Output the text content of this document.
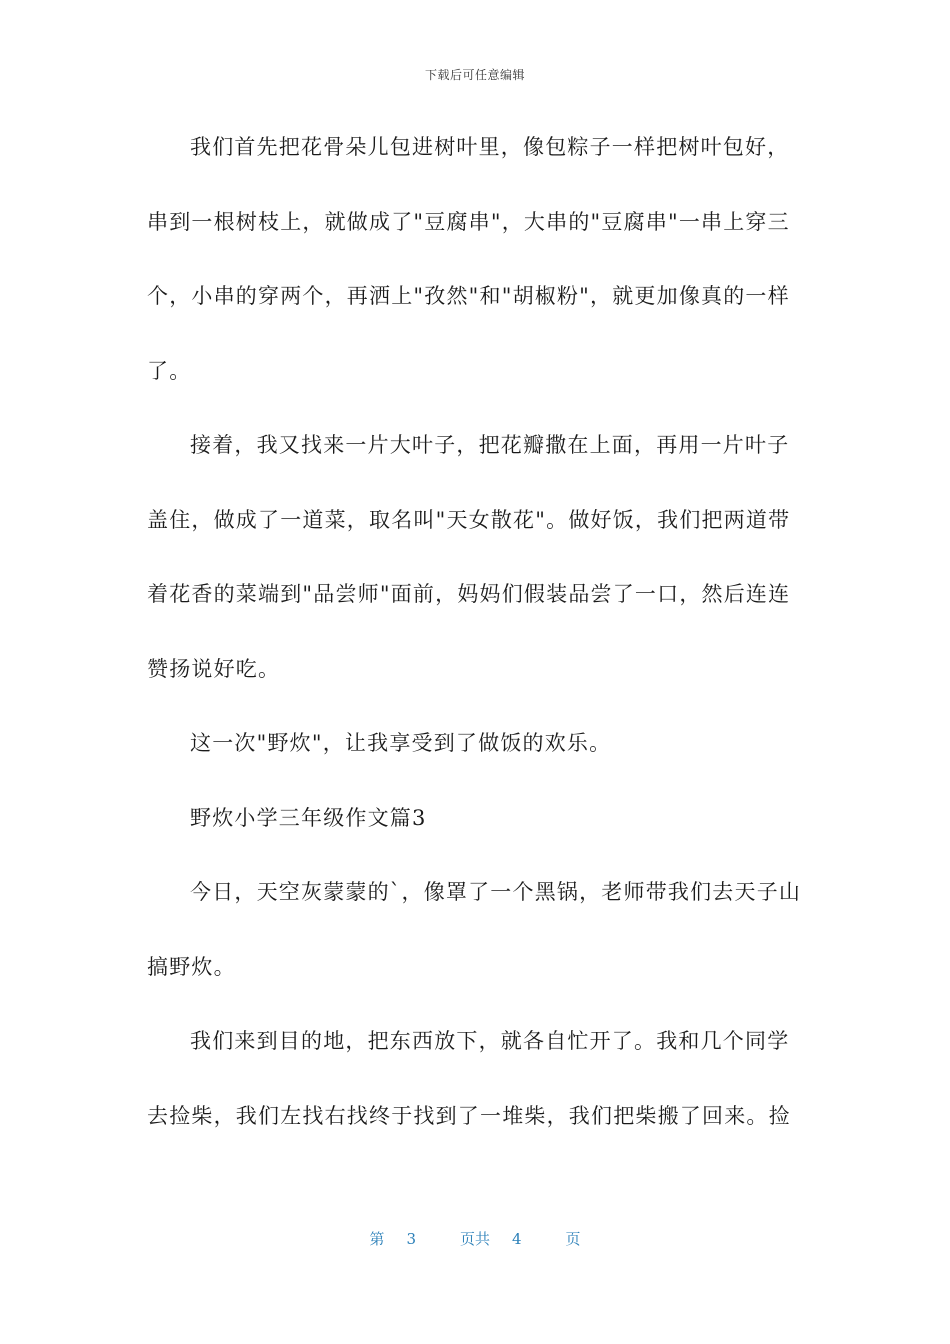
下载后可任意编辑
我们首先把花骨朵儿包进树叶里，像包粽子一样把树叶包好，
串到一根树枝上，就做成了"豆腐串"，大串的"豆腐串"一串上穿三
个，小串的穿两个，再洒上"孜然"和"胡椒粉"，就更加像真的一样
了。
接着，我又找来一片大叶子，把花瓣撒在上面，再用一片叶子
盖住，做成了一道菜，取名叫"天女散花"。做好饭，我们把两道带
着花香的菜端到"品尝师"面前，妈妈们假装品尝了一口，然后连连
赞扬说好吃。
这一次"野炊"，让我享受到了做饭的欢乐。
野炊小学三年级作文篇3
今日，天空灰蒙蒙的`，像罩了一个黑锅，老师带我们去天子山
搞野炊。
我们来到目的地，把东西放下，就各自忙开了。我和几个同学
去捡柴，我们左找右找终于找到了一堆柴，我们把柴搬了回来。捡
第 3	页共 4	页
